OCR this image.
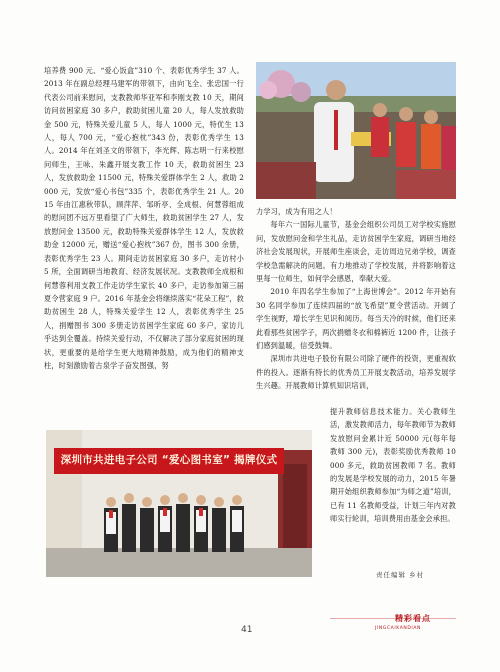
培养费 900 元、“爱心饭盒”310 个、表彰优秀学生 37 人。2013 年在副总经理马建军的带领下，由向飞全、张忠国一行代表公司前来慰问，支教教师华亚军和李刚支教 10 天，期间访问贫困家庭 30 多户，救助贫困儿童 20 人，每人发放救助金 500 元，特殊关爱儿童 5 人，每人 1000 元，特优生 13 人，每人 700 元，“爱心抱枕”343 份，表彰优秀学生 13 人。2014 年在刘圣文的带领下，李光辉、陈志明一行来校慰问师生，王咏、朱鑫开展支教工作 10 天，救助贫困生 23 人，发放救助金 11500 元，特殊关爱群体学生 2 人，救助 2000 元，发放“爱心书包”335 个，表彰优秀学生 21 人。2015 年由江惠秋带队，顾萍萍、邹昕亭、全成根、何慧蓉组成的慰问团不远万里看望了广大师生，救助贫困学生 27 人，发放慰问金 13500 元，救助特殊关爱群体学生 12 人，发放救助金 12000 元，赠送“爱心抱枕”367 份，图书 300 余册，表彰优秀学生 23 人。期间走访贫困家庭 30 多户，走访村小 5 所，全面调研当地教育、经济发展状况。支教教师全成根和何慧蓉利用支教工作走访学生家长 40 多户，走访参加第三届夏令营家庭 9 户。2016 年基金会将继续落实“花朵工程”，救助贫困生 28 人，特殊关爱学生 12 人，表彰优秀学生 25 人，捐赠图书 300 多册走访贫困学生家庭 60 多户，家访儿乎达到全覆盖。持续关爱行动，不仅解决了部分家庭贫困的现状，更重要的是给学生更大地精神鼓励，成为他们的精神支柱，时刻激励着古泉学子奋发图强，努

力学习，成为有用之人！

每年六一国际儿童节，基金会组织公司员工对学校实施慰问，发放慰问金和学生礼品，走访贫困学生家庭，调研当地经济社会发展现状，开展师生座谈会，走访周边兄弟学校，调查学校急需解决的问题。有力地推动了学校发展，并将影响着这里每一位师生，如何学会感恩，奉献大爱。

2010 年四名学生参加了“上海世博会”。2012 年开始有 30 名同学参加了连续四届的“放飞希望”夏令营活动。开阔了学生视野，增长学生见识和阅历。每当天冷的时候，他们还来此看那些贫困学子，两次捐赠冬衣和棉裤近 1200 件，让孩子们感到温暖，信受鼓舞。

深圳市共进电子股份有限公司除了硬件的投资，更重视软件的投入。逐渐有特长的优秀员工开展支教活动，培养发展学生兴趣。开展教师计算机知识培训，

深圳市共进电子公司 “爱心图书室” 揭牌仪式

提升教师信息技术能力。关心教师生活，激发教师活力，每年教师节为教师发放慰问金累计近 50000 元(每年每教师 300 元)，表彰奖励优秀教师 10000 多元，救助贫困教师 7 名。教师的发展是学校发展的动力，2015 年暑期开始组织教师参加“为师之道”培训，已有 11 名教师受益，计划三年内对教师实行轮训，培训费用由基金会承担。

责任编辑 乡村
精彩看点
JINGCAIKANDIAN
41
